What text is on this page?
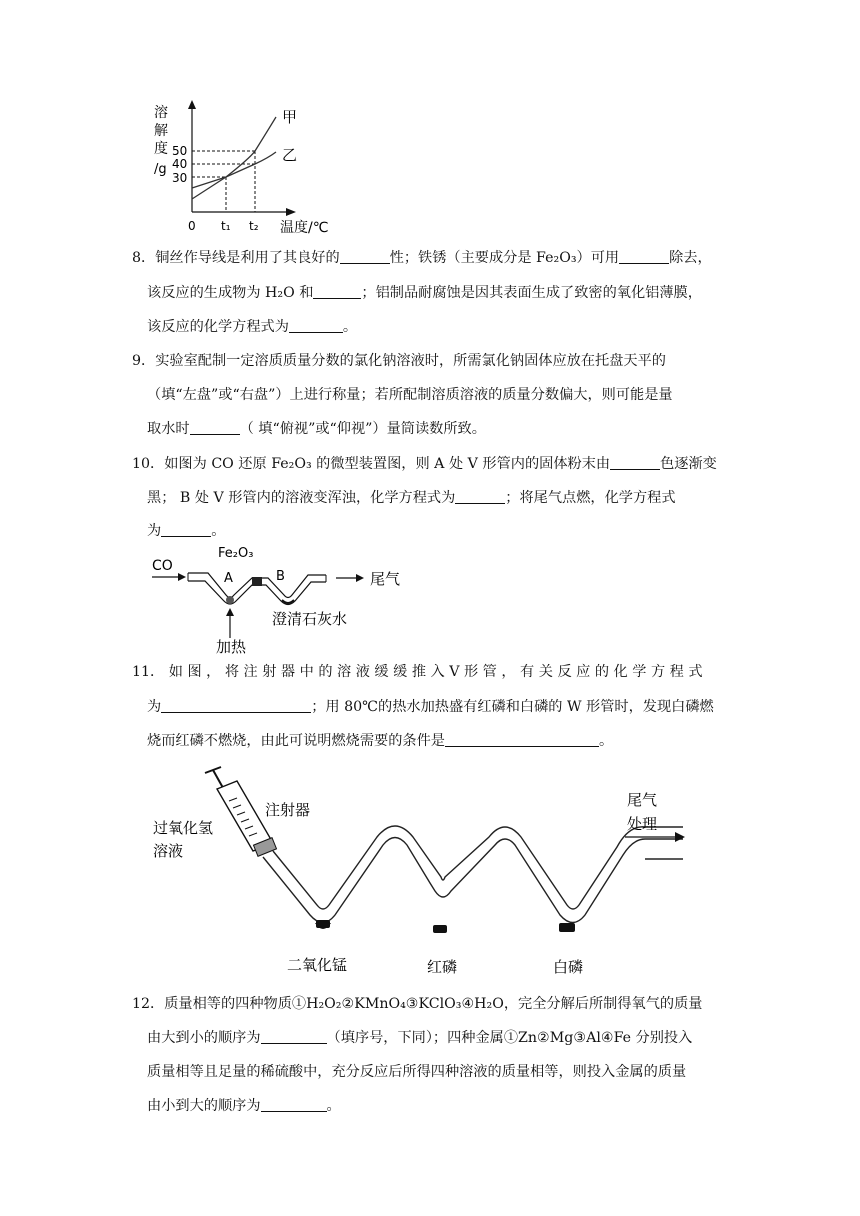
溶
解
度
/g
50
40
30
甲
乙
0 t₁ t₂ 温度/℃
8．铜丝作导线是利用了其良好的	性；铁锈（主要成分是 Fe₂O₃）可用	除去，
该反应的生成物为 H₂O 和	；铝制品耐腐蚀是因其表面生成了致密的氧化铝薄膜，
该反应的化学方程式为	。
9．实验室配制一定溶质质量分数的氯化钠溶液时，所需氯化钠固体应放在托盘天平的
（填“左盘”或“右盘”）上进行称量；若所配制溶质溶液的质量分数偏大，则可能是量
取水时	（ 填“俯视”或“仰视”）量筒读数所致。
10．如图为 CO 还原 Fe₂O₃ 的微型装置图，则 A 处 V 形管内的固体粉末由	色逐渐变
黑； B 处 V 形管内的溶液变浑浊，化学方程式为	；将尾气点燃，化学方程式
为	。
CO
Fe₂O₃
A	B	尾气
澄清石灰水
加热
11． 如 图 ， 将 注 射 器 中 的 溶 液 缓 缓 推 入 V 形 管 ， 有 关 反 应 的 化 学 方 程 式
为	；用 80℃的热水加热盛有红磷和白磷的 W 形管时，发现白磷燃
烧而红磷不燃烧，由此可说明燃烧需要的条件是	。
注射器
过氧化氢
溶液
尾气
处理
二氧化锰	红磷	白磷
12．质量相等的四种物质①H₂O₂②KMnO₄③KClO₃④H₂O，完全分解后所制得氧气的质量
由大到小的顺序为	（填序号，下同）；四种金属①Zn②Mg③Al④Fe 分别投入
质量相等且足量的稀硫酸中，充分反应后所得四种溶液的质量相等，则投入金属的质量
由小到大的顺序为	。
